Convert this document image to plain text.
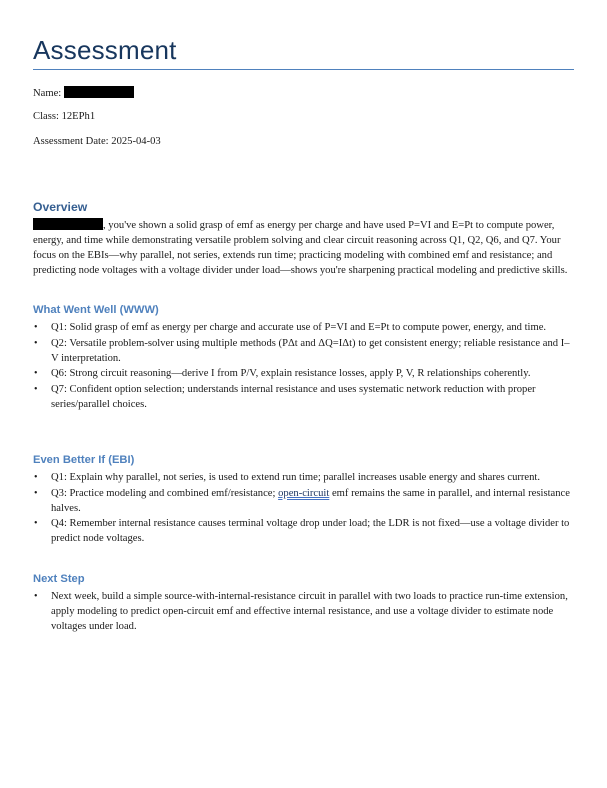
Assessment

Name:

Class: 12EPh1

Assessment Date: 2025-04-03

Overview

, you've shown a solid grasp of emf as energy per charge and have used P=VI and E=Pt to compute power, energy, and time while demonstrating versatile problem solving and clear circuit reasoning across Q1, Q2, Q6, and Q7. Your focus on the EBIs—why parallel, not series, extends run time; practicing modeling with combined emf and resistance; and predicting node voltages with a voltage divider under load—shows you're sharpening practical modeling and predictive skills.

What Went Well (WWW)
• Q1: Solid grasp of emf as energy per charge and accurate use of P=VI and E=Pt to compute power, energy, and time.
• Q2: Versatile problem-solver using multiple methods (PΔt and ΔQ=IΔt) to get consistent energy; reliable resistance and I–V interpretation.
• Q6: Strong circuit reasoning—derive I from P/V, explain resistance losses, apply P, V, R relationships coherently.
• Q7: Confident option selection; understands internal resistance and uses systematic network reduction with proper series/parallel choices.
Even Better If (EBI)
• Q1: Explain why parallel, not series, is used to extend run time; parallel increases usable energy and shares current.
• Q3: Practice modeling and combined emf/resistance; open-circuit emf remains the same in parallel, and internal resistance halves.
• Q4: Remember internal resistance causes terminal voltage drop under load; the LDR is not fixed—use a voltage divider to predict node voltages.
Next Step
• Next week, build a simple source-with-internal-resistance circuit in parallel with two loads to practice run-time extension, apply modeling to predict open-circuit emf and effective internal resistance, and use a voltage divider to estimate node voltages under load.
